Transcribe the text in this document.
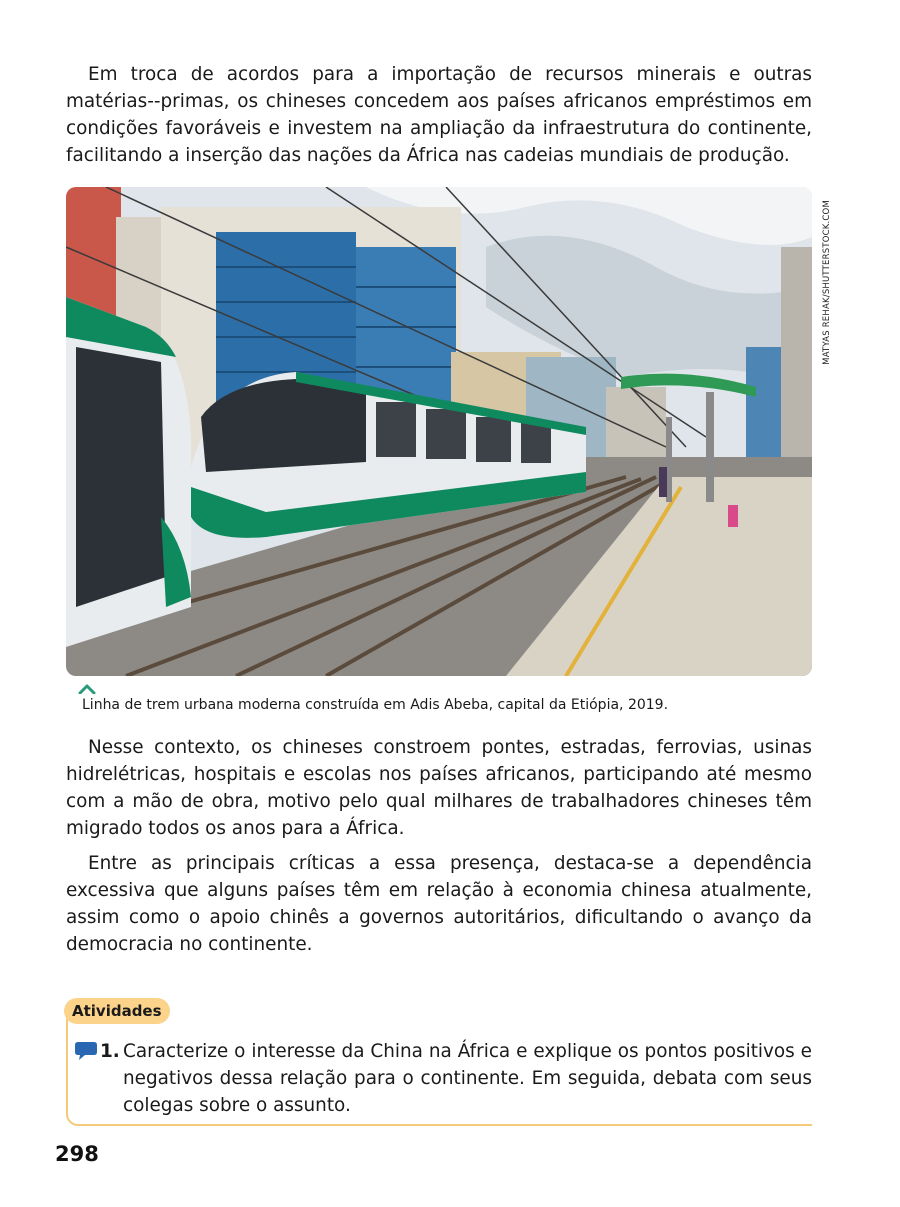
Em troca de acordos para a importação de recursos minerais e outras matérias--primas, os chineses concedem aos países africanos empréstimos em condições favoráveis e investem na ampliação da infraestrutura do continente, facilitando a inserção das nações da África nas cadeias mundiais de produção.

MATYAS REHAK/SHUTTERSTOCK.COM
Linha de trem urbana moderna construída em Adis Abeba, capital da Etiópia, 2019.

Nesse contexto, os chineses constroem pontes, estradas, ferrovias, usinas hidrelétricas, hospitais e escolas nos países africanos, participando até mesmo com a mão de obra, motivo pelo qual milhares de trabalhadores chineses têm migrado todos os anos para a África.

Entre as principais críticas a essa presença, destaca-se a dependência excessiva que alguns países têm em relação à economia chinesa atualmente, assim como o apoio chinês a governos autoritários, dificultando o avanço da democracia no continente.

Atividades
1. Caracterize o interesse da China na África e explique os pontos positivos e negativos dessa relação para o continente. Em seguida, debata com seus colegas sobre o assunto.

298
